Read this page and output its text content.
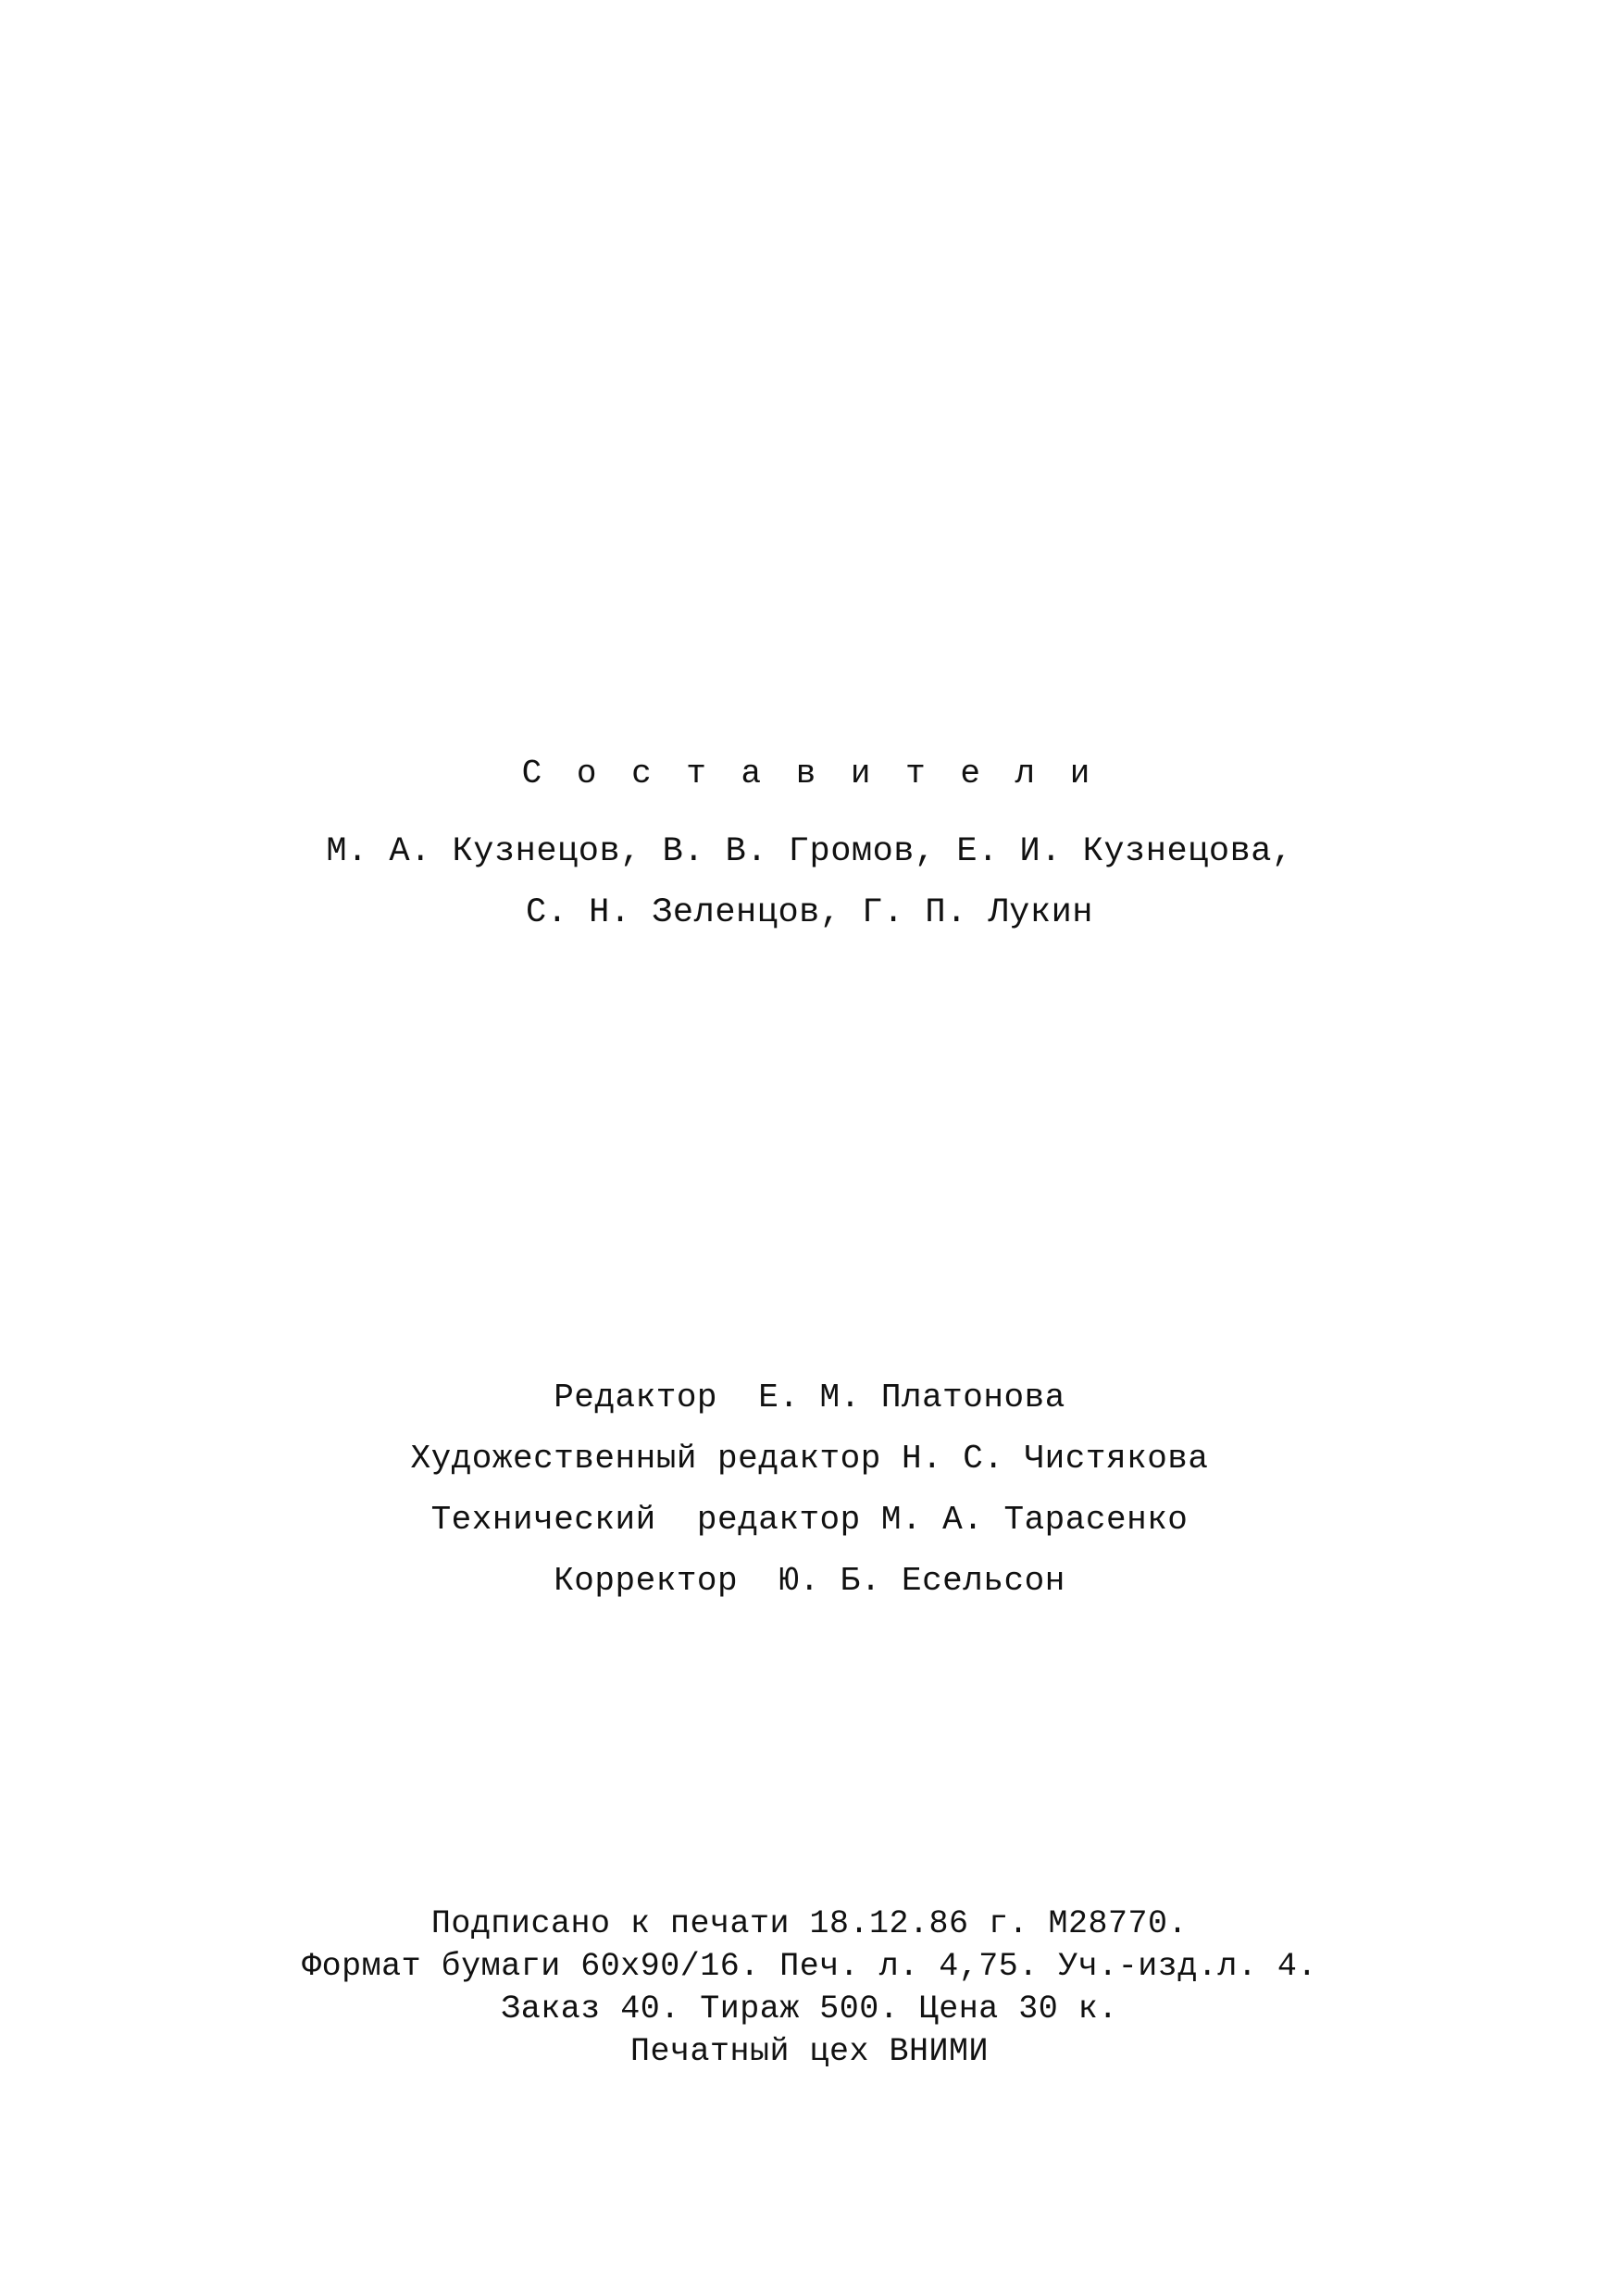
С о с т а в и т е л и
М. А. Кузнецов, В. В. Громов, Е. И. Кузнецова,
С. Н. Зеленцов, Г. П. Лукин
Редактор  Е. М. Платонова
Художественный редактор Н. С. Чистякова
Технический  редактор М. А. Тарасенко
Корректор  Ю. Б. Есельсон
Подписано к печати 18.12.86 г. М28770.
Формат бумаги 60х90/16. Печ. л. 4,75. Уч.-изд.л. 4.
Заказ 40. Тираж 500. Цена 30 к.
Печатный цех ВНИМИ
